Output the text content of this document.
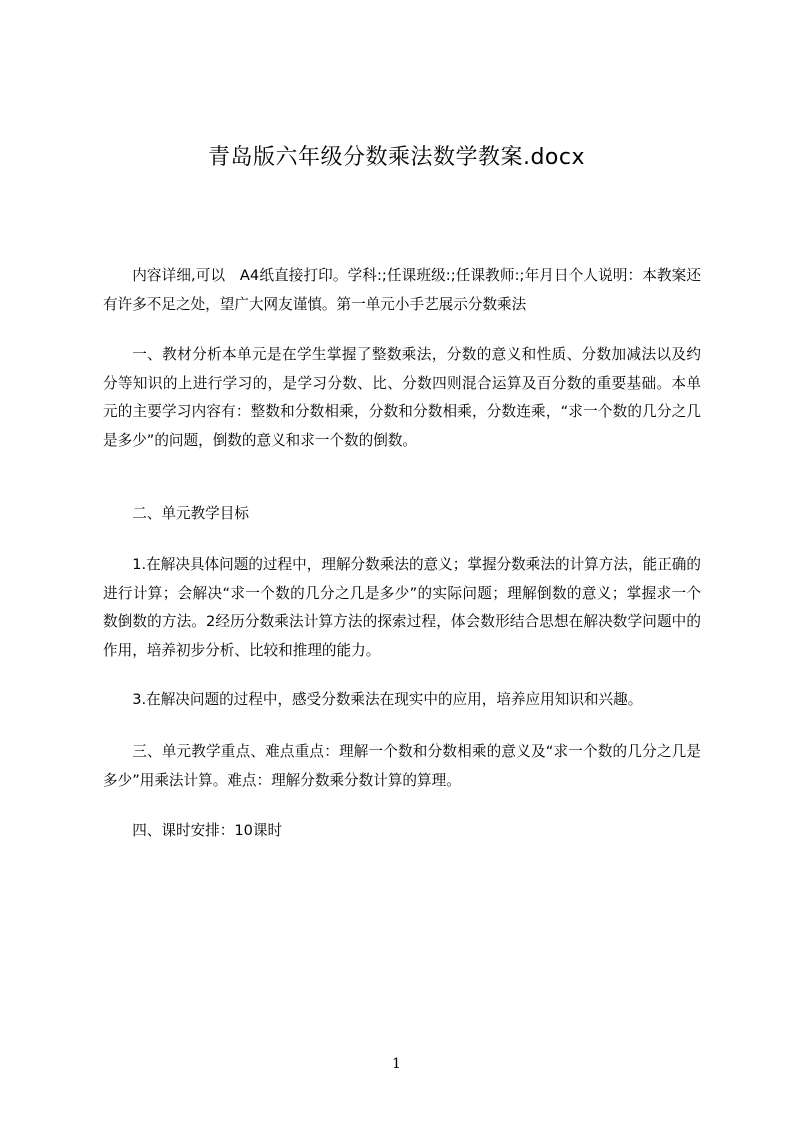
青岛版六年级分数乘法数学教案.docx

内容详细,可以　A4纸直接打印。学科:;任课班级:;任课教师:;年月日个人说明：本教案还有许多不足之处，望广大网友谨慎。第一单元小手艺展示分数乘法

一、教材分析本单元是在学生掌握了整数乘法，分数的意义和性质、分数加减法以及约分等知识的上进行学习的，是学习分数、比、分数四则混合运算及百分数的重要基础。本单元的主要学习内容有：整数和分数相乘，分数和分数相乘，分数连乘，“求一个数的几分之几是多少”的问题，倒数的意义和求一个数的倒数。

二、单元教学目标

1.在解决具体问题的过程中，理解分数乘法的意义；掌握分数乘法的计算方法，能正确的进行计算；会解决“求一个数的几分之几是多少”的实际问题；理解倒数的意义；掌握求一个数倒数的方法。2经历分数乘法计算方法的探索过程，体会数形结合思想在解决数学问题中的作用，培养初步分析、比较和推理的能力。

3.在解决问题的过程中，感受分数乘法在现实中的应用，培养应用知识和兴趣。

三、单元教学重点、难点重点：理解一个数和分数相乘的意义及“求一个数的几分之几是多少”用乘法计算。难点：理解分数乘分数计算的算理。

四、课时安排：10课时

1
